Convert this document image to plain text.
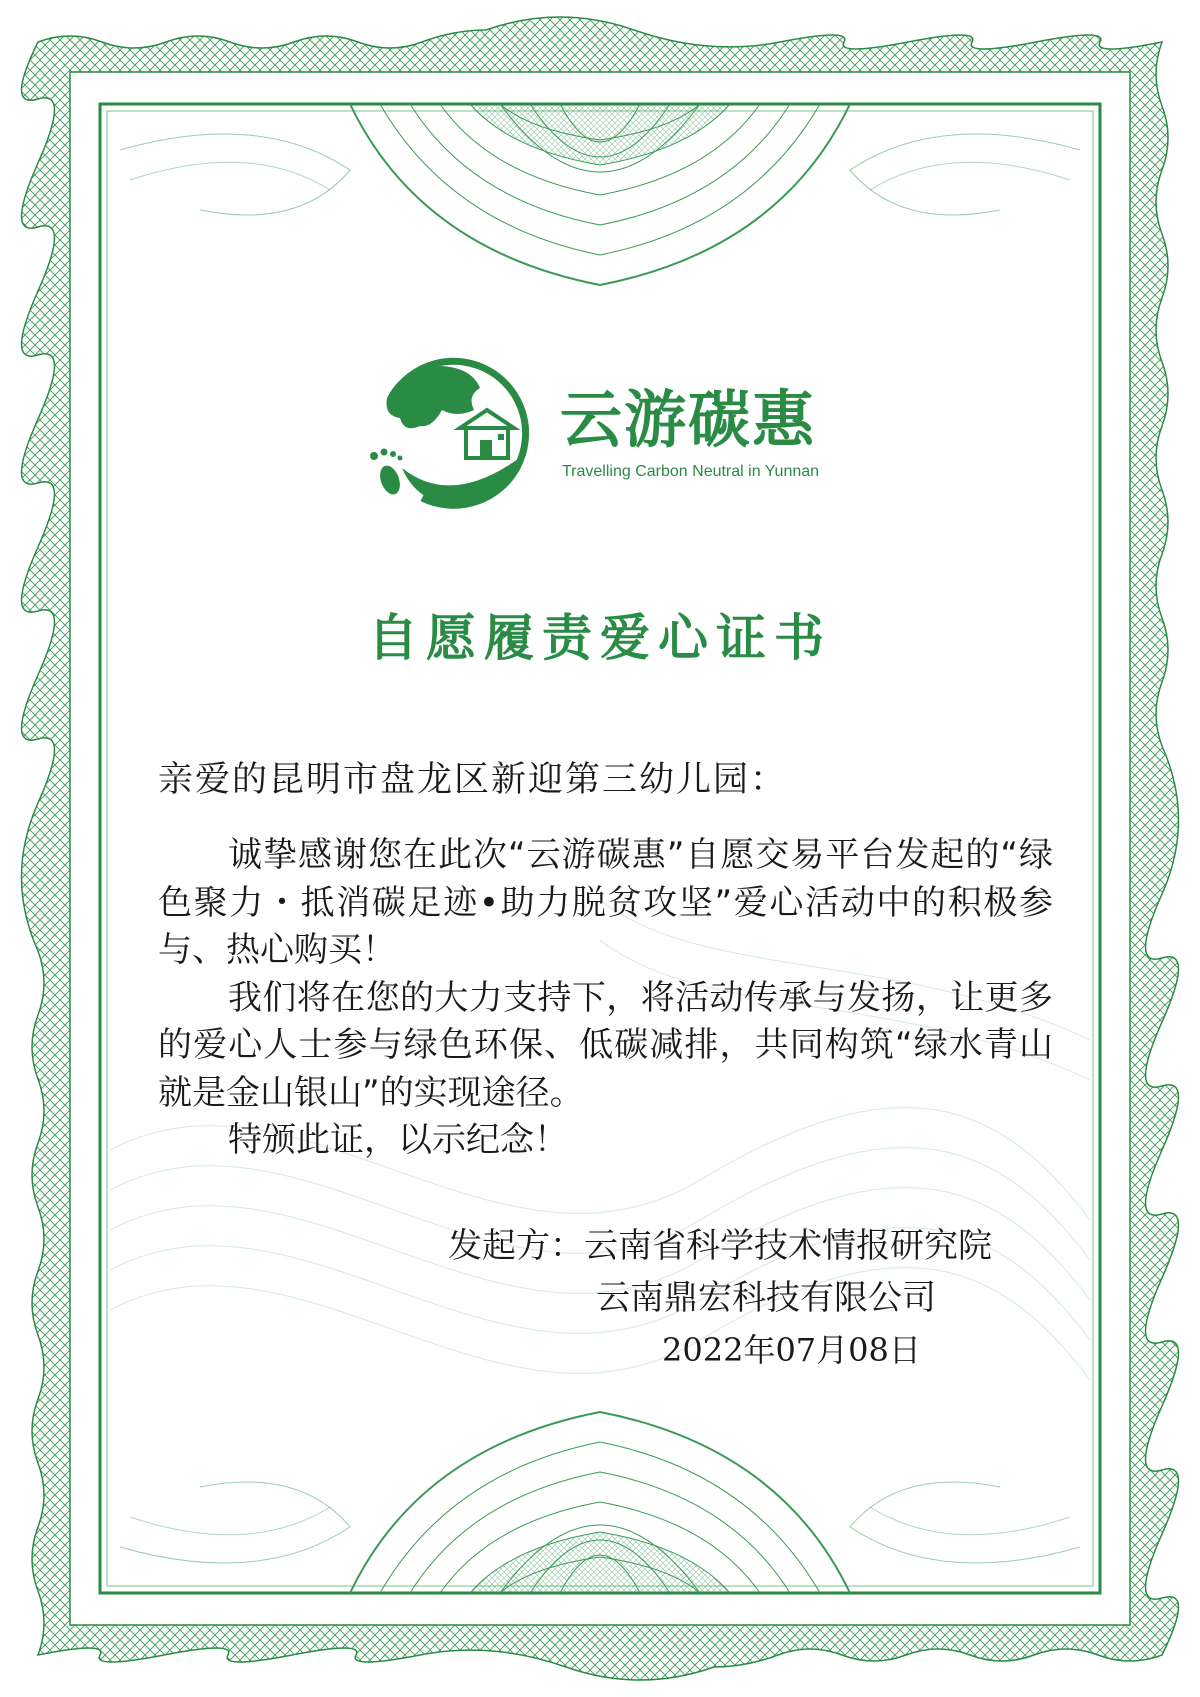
云游碳惠
Travelling Carbon Neutral in Yunnan
自愿履责爱心证书
亲爱的昆明市盘龙区新迎第三幼儿园：

诚挚感谢您在此次“云游碳惠”自愿交易平台发起的“绿色聚力・抵消碳足迹•助力脱贫攻坚”爱心活动中的积极参与、热心购买！

我们将在您的大力支持下，将活动传承与发扬，让更多的爱心人士参与绿色环保、低碳减排，共同构筑“绿水青山就是金山银山”的实现途径。

特颁此证，以示纪念！

发起方：云南省科学技术情报研究院
云南鼎宏科技有限公司
2022年07月08日
